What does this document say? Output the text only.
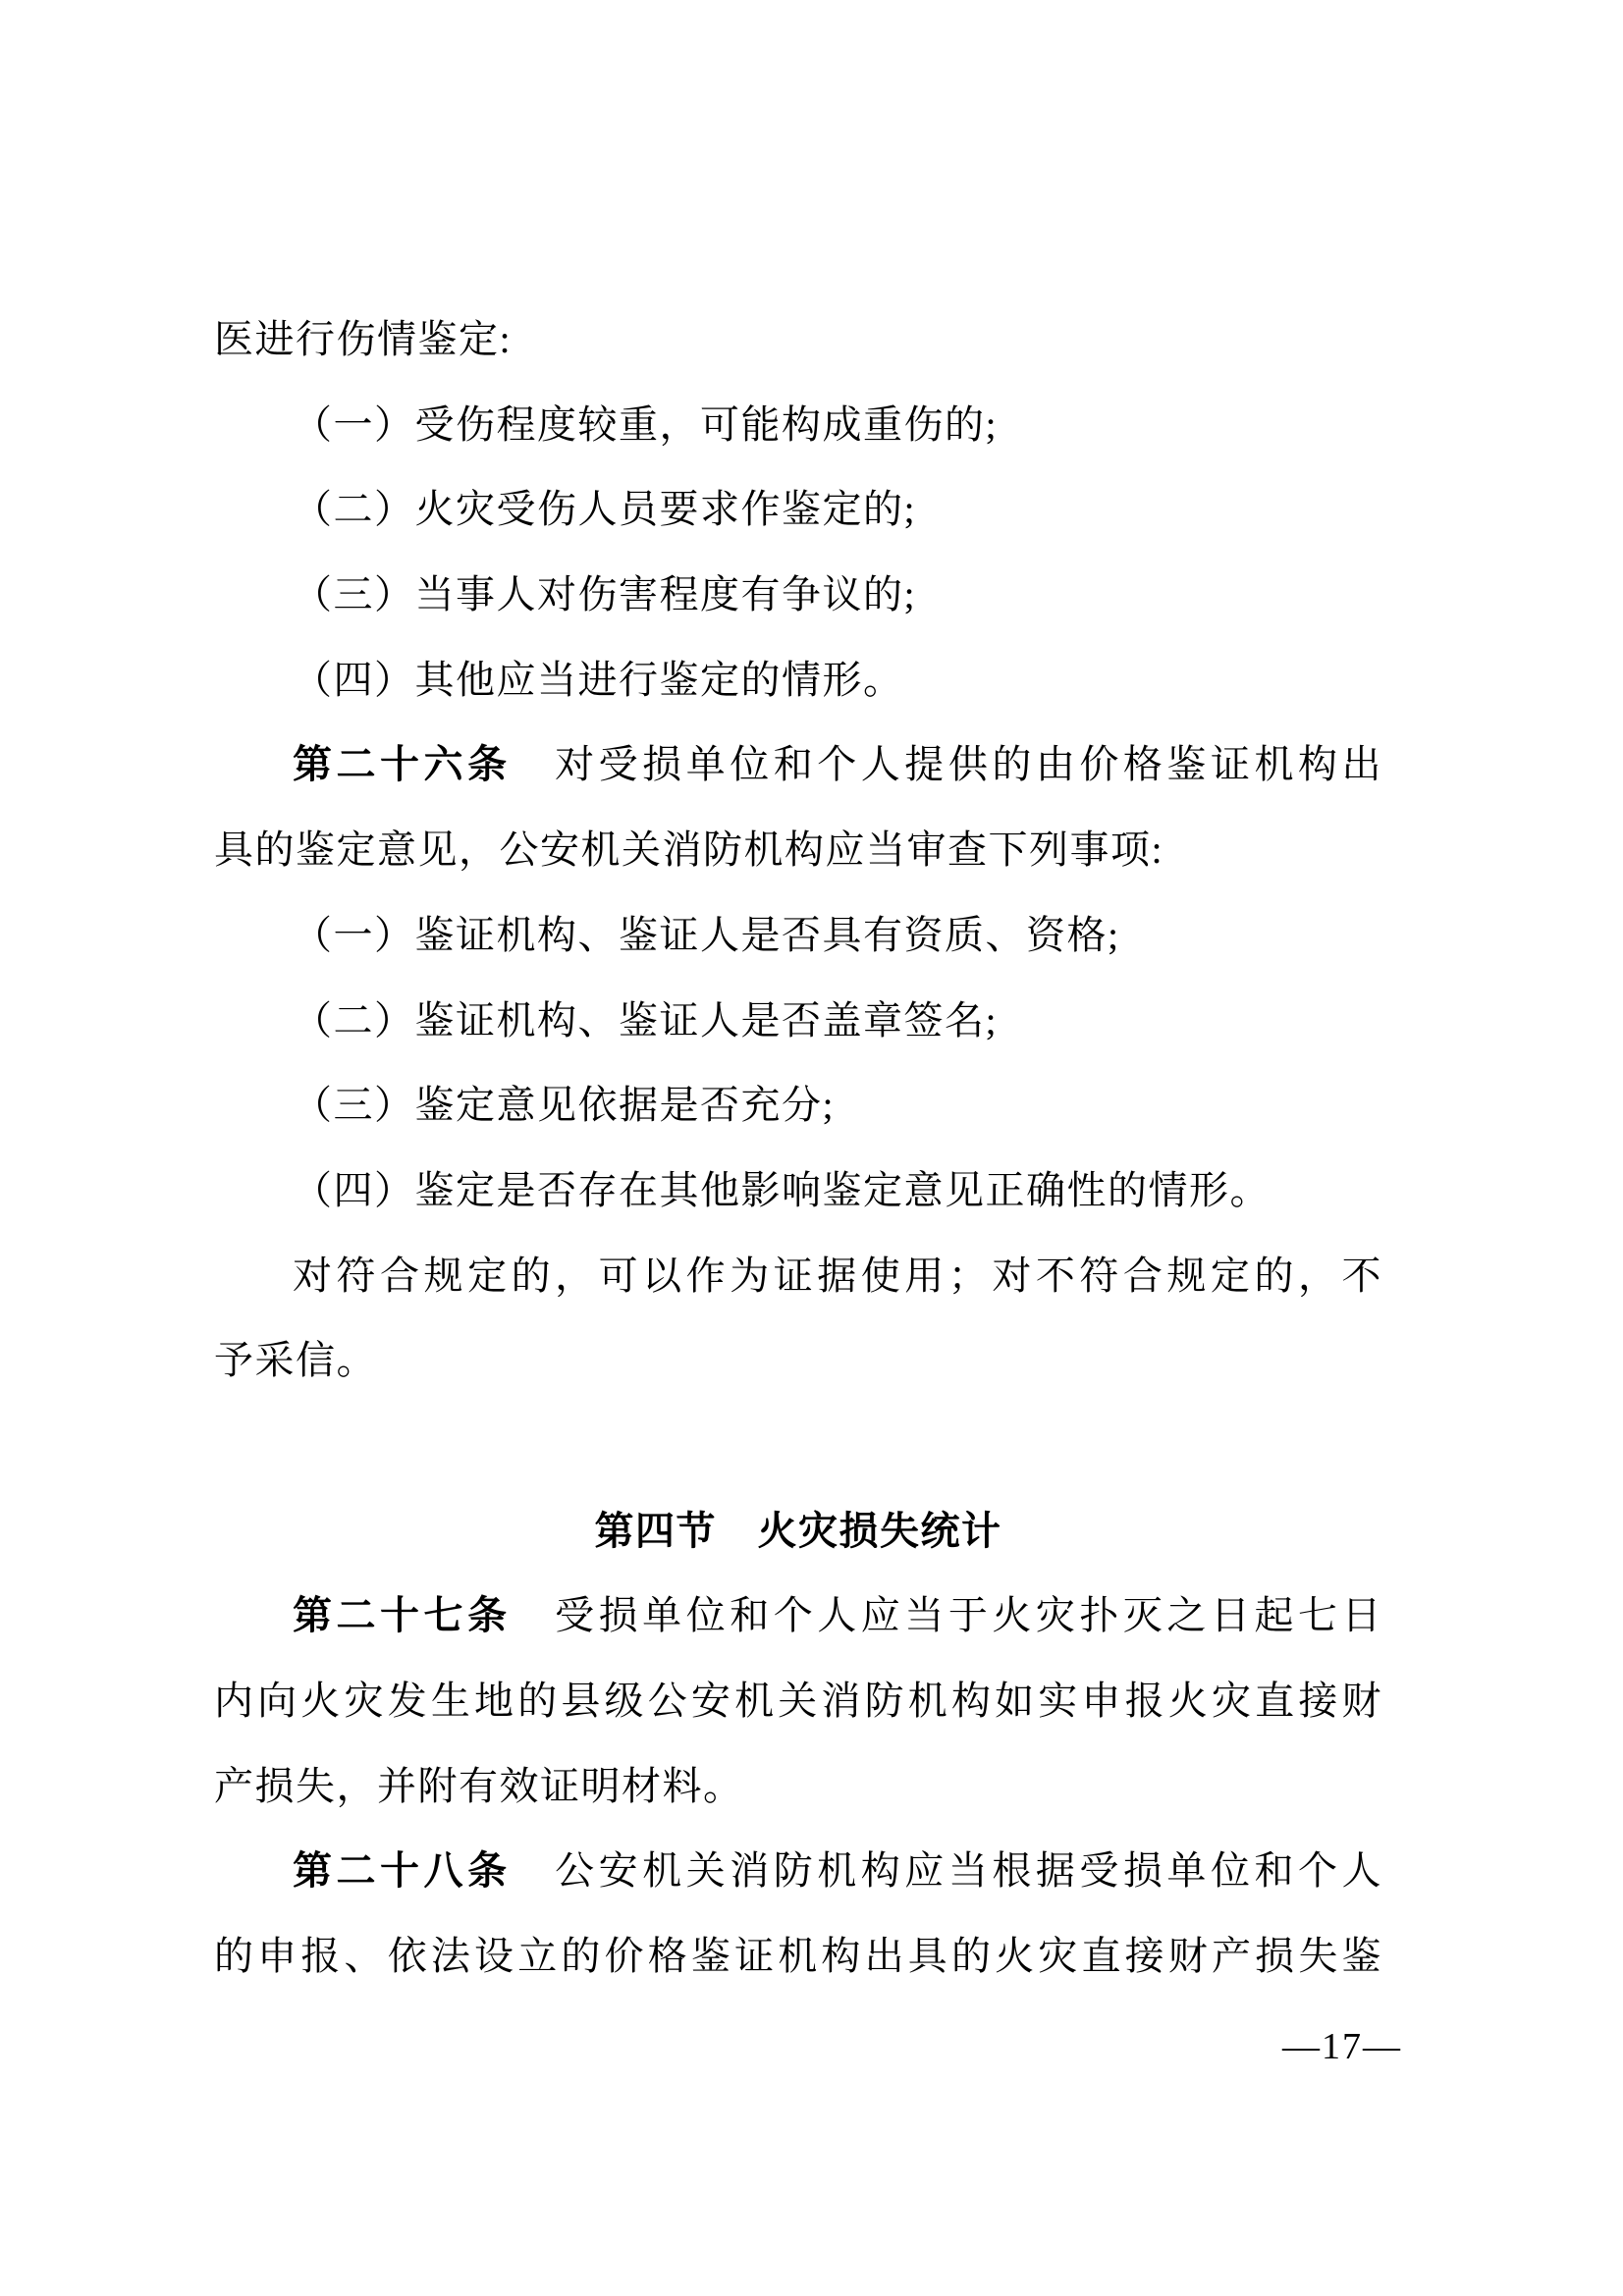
医进行伤情鉴定:
（一）受伤程度较重，可能构成重伤的;
（二）火灾受伤人员要求作鉴定的;
（三）当事人对伤害程度有争议的;
（四）其他应当进行鉴定的情形。
第二十六条　对受损单位和个人提供的由价格鉴证机构出
具的鉴定意见，公安机关消防机构应当审查下列事项:
（一）鉴证机构、鉴证人是否具有资质、资格;
（二）鉴证机构、鉴证人是否盖章签名;
（三）鉴定意见依据是否充分;
（四）鉴定是否存在其他影响鉴定意见正确性的情形。
对符合规定的，可以作为证据使用；对不符合规定的，不
予采信。
第四节　火灾损失统计
第二十七条　受损单位和个人应当于火灾扑灭之日起七日
内向火灾发生地的县级公安机关消防机构如实申报火灾直接财
产损失，并附有效证明材料。
第二十八条　公安机关消防机构应当根据受损单位和个人
的申报、依法设立的价格鉴证机构出具的火灾直接财产损失鉴
—17—
